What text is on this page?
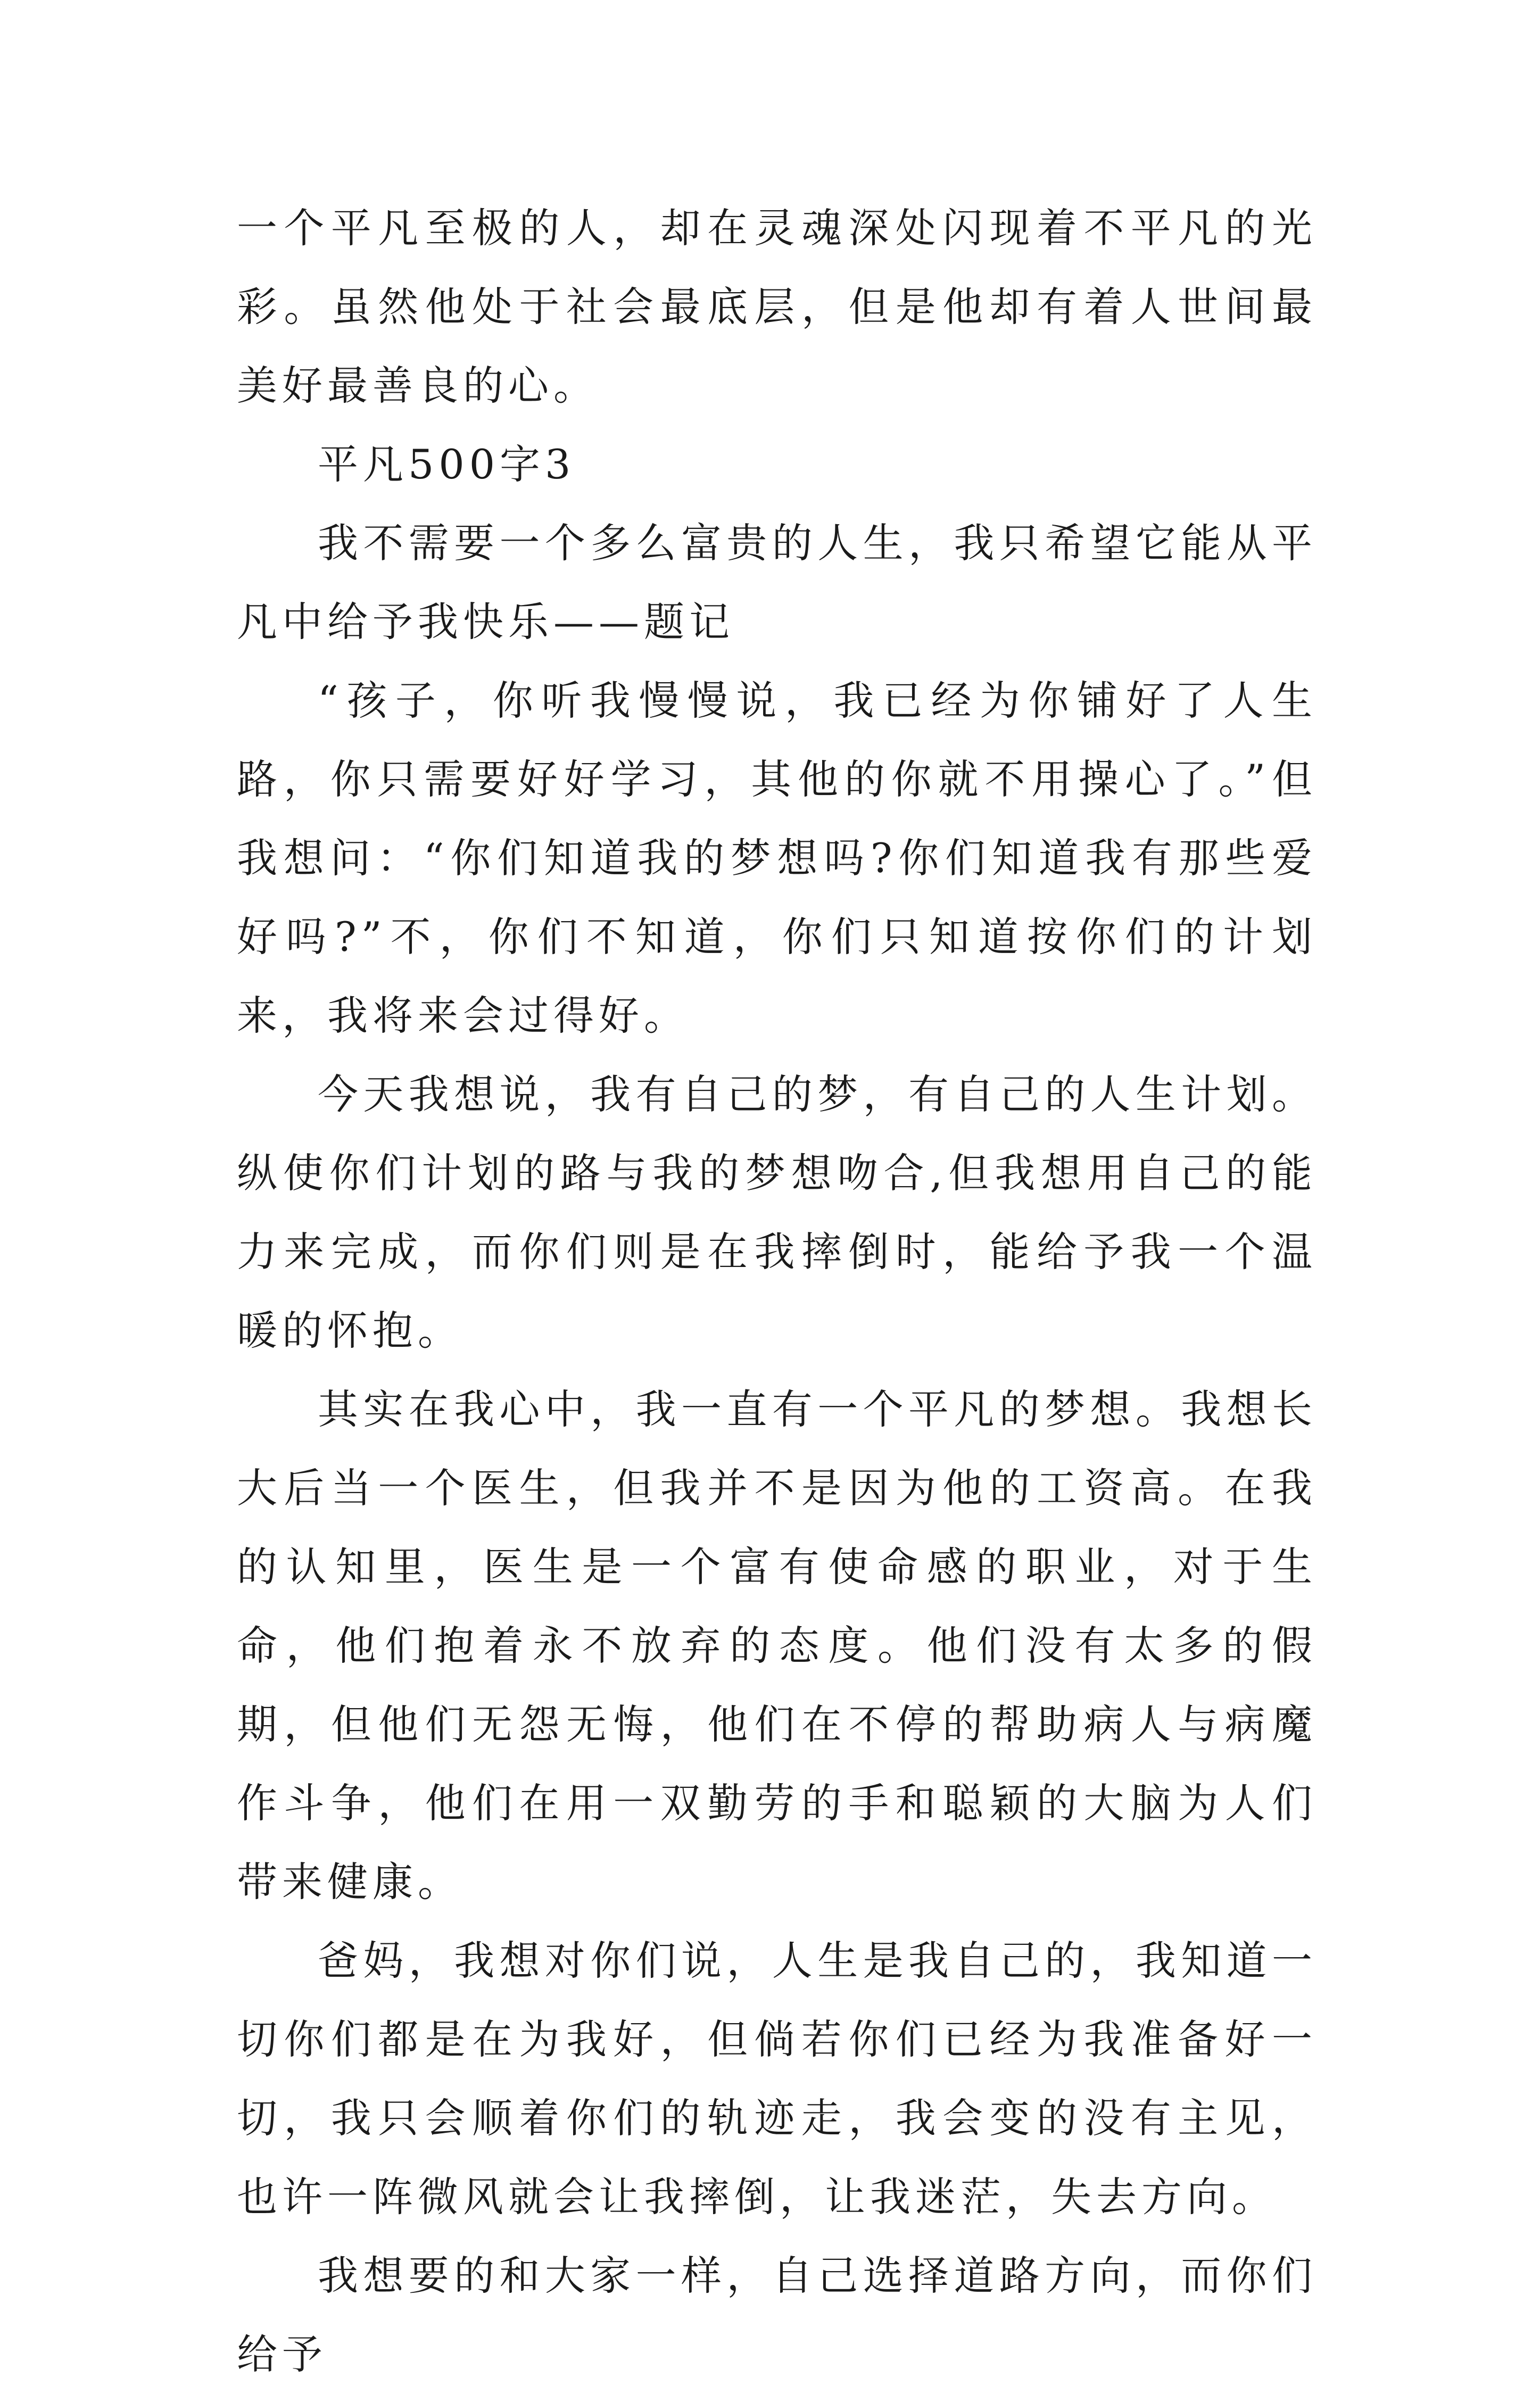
一个平凡至极的人，却在灵魂深处闪现着不平凡的光彩。虽然他处于社会最底层，但是他却有着人世间最美好最善良的心。

平凡500字3

我不需要一个多么富贵的人生，我只希望它能从平凡中给予我快乐——题记

“孩子，你听我慢慢说，我已经为你铺好了人生路，你只需要好好学习，其他的你就不用操心了。”但我想问：“你们知道我的梦想吗?你们知道我有那些爱好吗?”不，你们不知道，你们只知道按你们的计划来，我将来会过得好。

今天我想说，我有自己的梦，有自己的人生计划。纵使你们计划的路与我的梦想吻合,但我想用自己的能力来完成，而你们则是在我摔倒时，能给予我一个温暖的怀抱。

其实在我心中，我一直有一个平凡的梦想。我想长大后当一个医生，但我并不是因为他的工资高。在我的认知里，医生是一个富有使命感的职业，对于生命，他们抱着永不放弃的态度。他们没有太多的假期，但他们无怨无悔，他们在不停的帮助病人与病魔作斗争，他们在用一双勤劳的手和聪颖的大脑为人们带来健康。

爸妈，我想对你们说，人生是我自己的，我知道一切你们都是在为我好，但倘若你们已经为我准备好一切，我只会顺着你们的轨迹走，我会变的没有主见，也许一阵微风就会让我摔倒，让我迷茫，失去方向。

我想要的和大家一样，自己选择道路方向，而你们给予
